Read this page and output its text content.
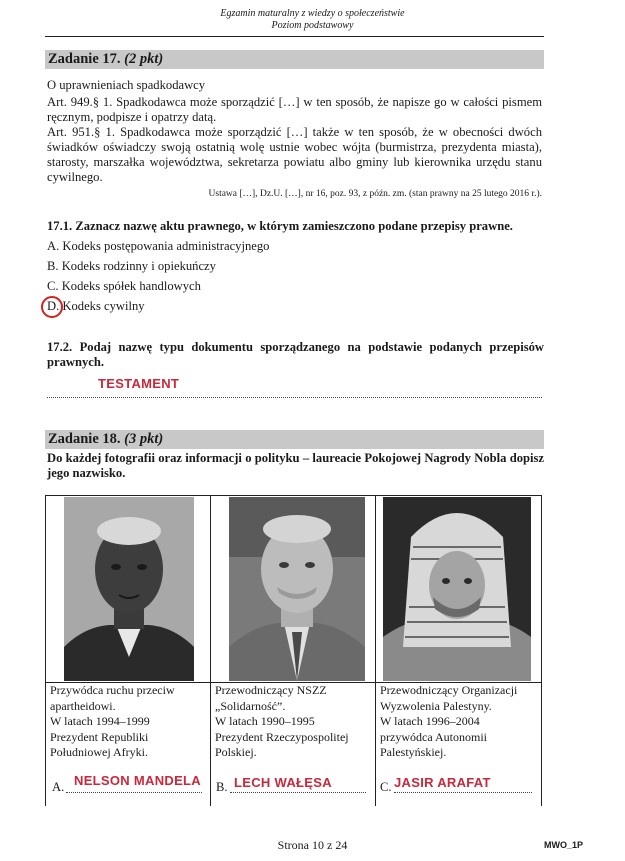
Egzamin maturalny z wiedzy o społeczeństwie
Poziom podstawowy
Zadanie 17. (2 pkt)
O uprawnieniach spadkodawcy
Art. 949.§ 1. Spadkodawca może sporządzić […] w ten sposób, że napisze go w całości pismem ręcznym, podpisze i opatrzy datą.
Art. 951.§ 1. Spadkodawca może sporządzić […] także w ten sposób, że w obecności dwóch świadków oświadczy swoją ostatnią wolę ustnie wobec wójta (burmistrza, prezydenta miasta), starosty, marszałka województwa, sekretarza powiatu albo gminy lub kierownika urzędu stanu cywilnego.
Ustawa […], Dz.U. […], nr 16, poz. 93, z późn. zm. (stan prawny na 25 lutego 2016 r.).
17.1. Zaznacz nazwę aktu prawnego, w którym zamieszczono podane przepisy prawne.
A. Kodeks postępowania administracyjnego
B. Kodeks rodzinny i opiekuńczy
C. Kodeks spółek handlowych
D. Kodeks cywilny
17.2. Podaj nazwę typu dokumentu sporządzanego na podstawie podanych przepisów prawnych.
TESTAMENT
Zadanie 18. (3 pkt)
Do każdej fotografii oraz informacji o polityku – laureacie Pokojowej Nagrody Nobla dopisz jego nazwisko.
Przywódca ruchu przeciw
apartheidowi.
W latach 1994–1999
Prezydent Republiki
Południowej Afryki.
Przewodniczący NSZZ
„Solidarność”.
W latach 1990–1995
Prezydent Rzeczypospolitej
Polskiej.
Przewodniczący Organizacji
Wyzwolenia Palestyny.
W latach 1996–2004
przywódca Autonomii
Palestyńskiej.
A. NELSON MANDELA B. LECH WAŁĘSA	C. JASIR ARAFAT
Strona 10 z 24	MWO_1P
